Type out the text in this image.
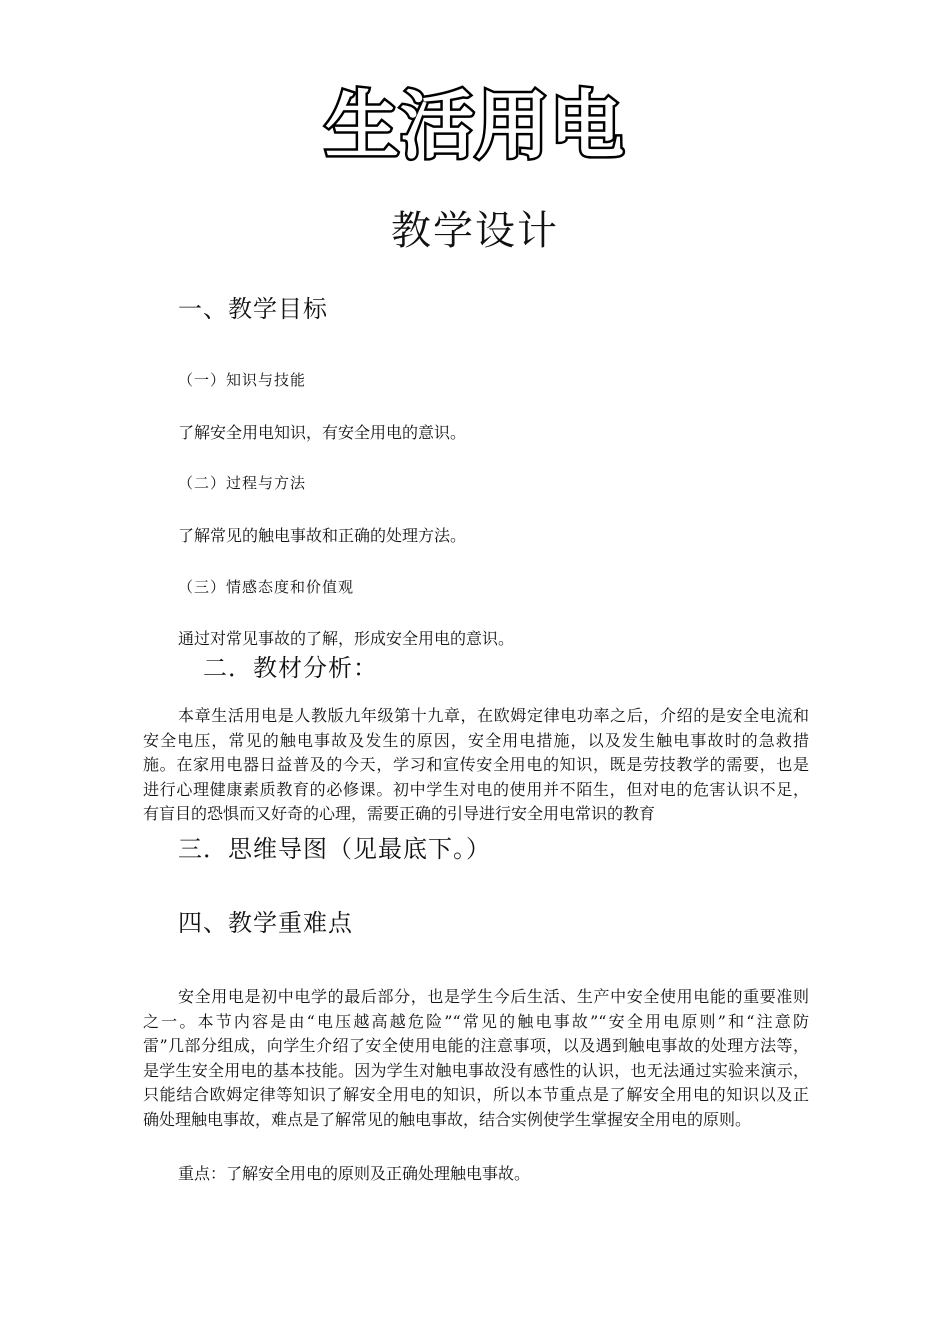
生活用电
教学设计
一、教学目标
（一）知识与技能
了解安全用电知识，有安全用电的意识。
（二）过程与方法
了解常见的触电事故和正确的处理方法。
（三）情感态度和价值观
通过对常见事故的了解，形成安全用电的意识。
二．教材分析：
本章生活用电是人教版九年级第十九章，在欧姆定律电功率之后，介绍的是安全电流和
安全电压，常见的触电事故及发生的原因，安全用电措施，以及发生触电事故时的急救措
施。在家用电器日益普及的今天，学习和宣传安全用电的知识，既是劳技教学的需要，也是
进行心理健康素质教育的必修课。初中学生对电的使用并不陌生，但对电的危害认识不足，
有盲目的恐惧而又好奇的心理，需要正确的引导进行安全用电常识的教育
三．思维导图（见最底下。）
四、教学重难点
安全用电是初中电学的最后部分，也是学生今后生活、生产中安全使用电能的重要准则
之一。本节内容是由“电压越高越危险”“常见的触电事故”“安全用电原则”和“注意防
雷”几部分组成，向学生介绍了安全使用电能的注意事项，以及遇到触电事故的处理方法等，
是学生安全用电的基本技能。因为学生对触电事故没有感性的认识，也无法通过实验来演示，
只能结合欧姆定律等知识了解安全用电的知识，所以本节重点是了解安全用电的知识以及正
确处理触电事故，难点是了解常见的触电事故，结合实例使学生掌握安全用电的原则。
重点：了解安全用电的原则及正确处理触电事故。
